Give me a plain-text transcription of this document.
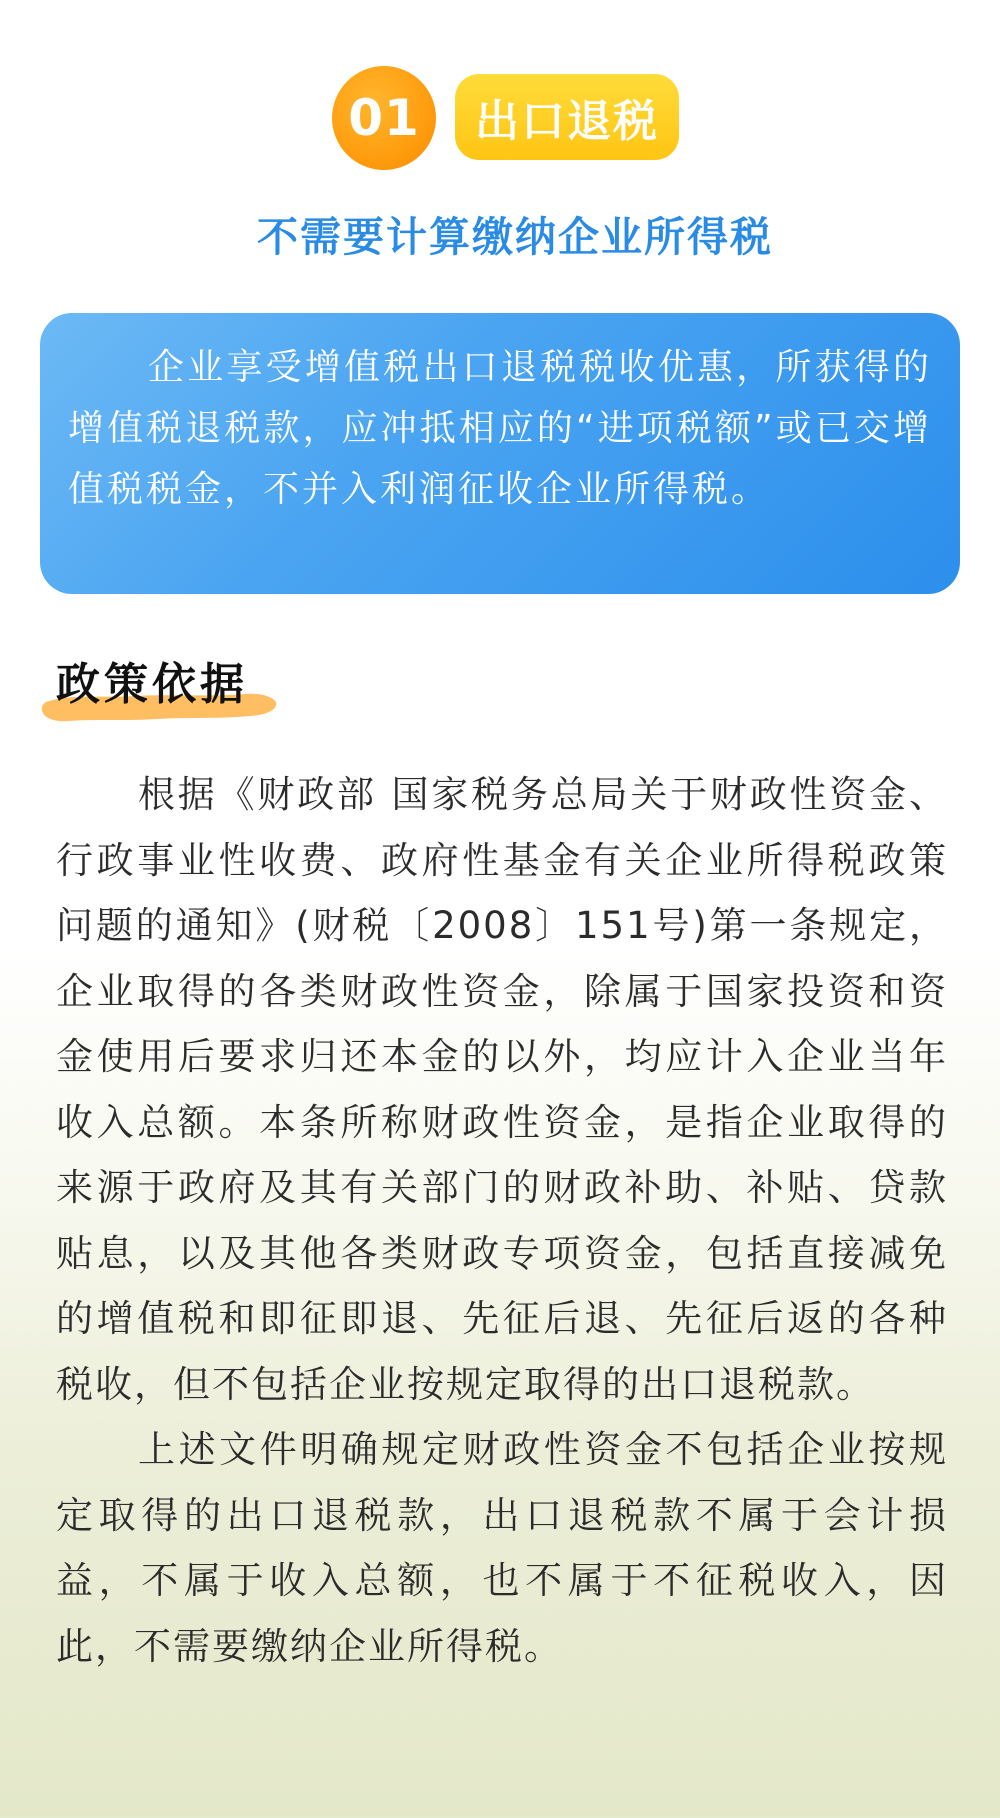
01	出口退税
不需要计算缴纳企业所得税

企业享受增值税出口退税税收优惠，所获得的增值税退税款，应冲抵相应的“进项税额”或已交增值税税金，不并入利润征收企业所得税。

政策依据

根据《财政部 国家税务总局关于财政性资金、行政事业性收费、政府性基金有关企业所得税政策问题的通知》(财税〔2008〕151号)第一条规定，企业取得的各类财政性资金，除属于国家投资和资金使用后要求归还本金的以外，均应计入企业当年收入总额。本条所称财政性资金，是指企业取得的来源于政府及其有关部门的财政补助、补贴、贷款贴息，以及其他各类财政专项资金，包括直接减免的增值税和即征即退、先征后退、先征后返的各种税收，但不包括企业按规定取得的出口退税款。

上述文件明确规定财政性资金不包括企业按规定取得的出口退税款，出口退税款不属于会计损益，不属于收入总额，也不属于不征税收入，因此，不需要缴纳企业所得税。
